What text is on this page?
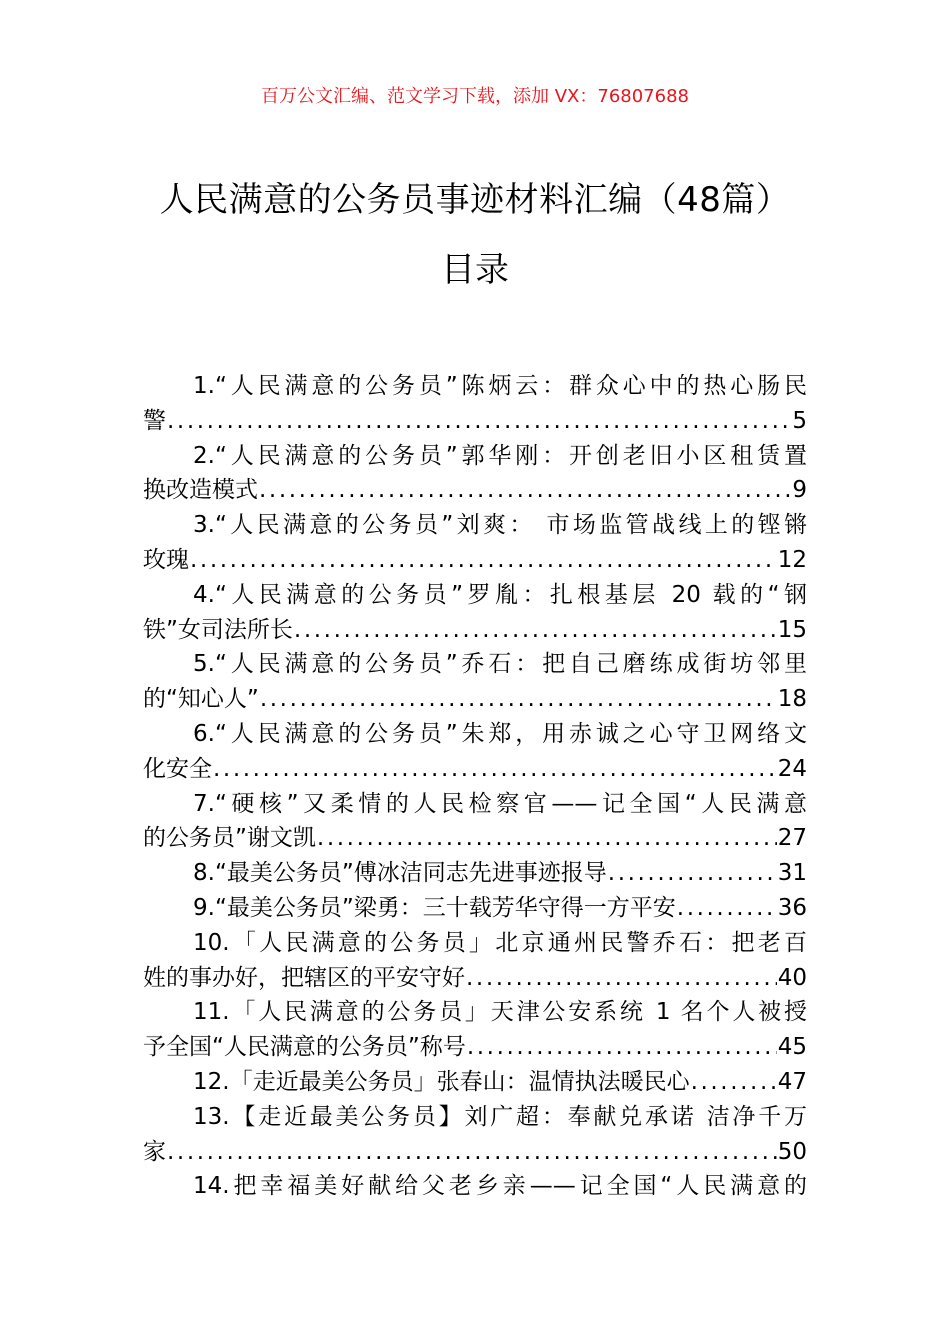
百万公文汇编、范文学习下载，添加 VX：76807688
人民满意的公务员事迹材料汇编（48篇）
目录
1.“人民满意的公务员”陈炳云：群众心中的热心肠民
警 .....	5
2.“人民满意的公务员”郭华刚：开创老旧小区租赁置
换改造模式 .....	9
3.“人民满意的公务员”刘爽： 市场监管战线上的铿锵
玫瑰 .....	12
4.“人民满意的公务员”罗胤：扎根基层 20 载的“钢
铁”女司法所长 .....	15
5.“人民满意的公务员”乔石：把自己磨练成街坊邻里
的“知心人” .....	18
6.“人民满意的公务员”朱郑，用赤诚之心守卫网络文
化安全 .....	24
7.“硬核”又柔情的人民检察官——记全国“人民满意
的公务员”谢文凯 .....	27
8.“最美公务员”傅冰洁同志先进事迹报导 .....	31
9.“最美公务员”梁勇：三十载芳华守得一方平安 .....	36
10.「人民满意的公务员」北京通州民警乔石：把老百
姓的事办好，把辖区的平安守好 .....	40
11.「人民满意的公务员」天津公安系统 1 名个人被授
予全国“人民满意的公务员”称号 .....	45
12.「走近最美公务员」张春山：温情执法暖民心 .....	47
13.【走近最美公务员】刘广超：奉献兑承诺 洁净千万
家 .....	50
14.把幸福美好献给父老乡亲——记全国“人民满意的
